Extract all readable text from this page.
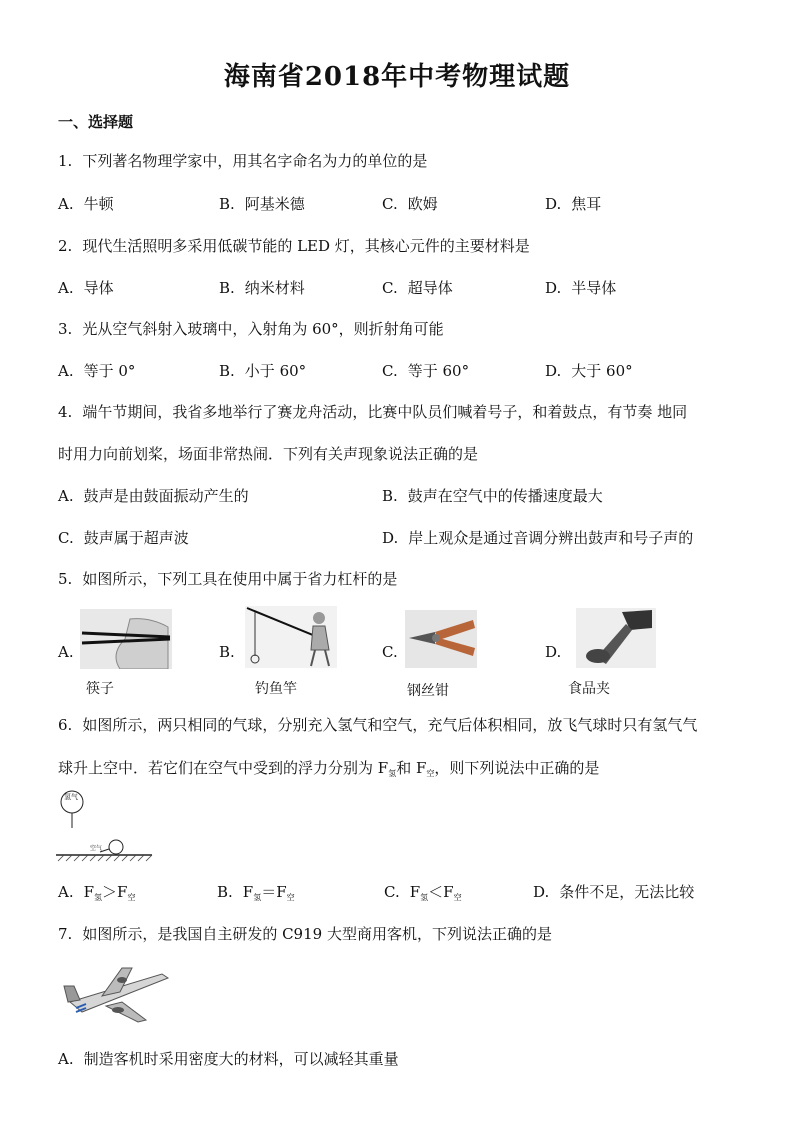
海南省2018年中考物理试题
一、选择题
1. 下列著名物理学家中，用其名字命名为力的单位的是
A. 牛顿	B. 阿基米德	C. 欧姆	D. 焦耳
2. 现代生活照明多采用低碳节能的 LED 灯，其核心元件的主要材料是
A. 导体	B. 纳米材料	C. 超导体	D. 半导体
3. 光从空气斜射入玻璃中，入射角为 60°，则折射角可能
A. 等于 0°	B. 小于 60°	C. 等于 60°	D. 大于 60°
4. 端午节期间，我省多地举行了赛龙舟活动，比赛中队员们喊着号子，和着鼓点，有节奏 地同
时用力向前划桨，场面非常热闹．下列有关声现象说法正确的是
A. 鼓声是由鼓面振动产生的	B. 鼓声在空气中的传播速度最大
C. 鼓声属于超声波	D. 岸上观众是通过音调分辨出鼓声和号子声的
5. 如图所示，下列工具在使用中属于省力杠杆的是
A.
筷子
B.
钓鱼竿
C.
钢丝钳
D.
食品夹
6. 如图所示，两只相同的气球，分别充入氢气和空气，充气后体积相同，放飞气球时只有氢气气
球升上空中．若它们在空气中受到的浮力分别为 $F_氢$和 $F_空$，则下列说法中正确的是
氢气
空气
A. $F_氢>F_空$	B. $F_氢=F_空$	C. $F_氢<F_空$	D. 条件不足，无法比较
7. 如图所示，是我国自主研发的 C919 大型商用客机，下列说法正确的是
A. 制造客机时采用密度大的材料，可以减轻其重量
